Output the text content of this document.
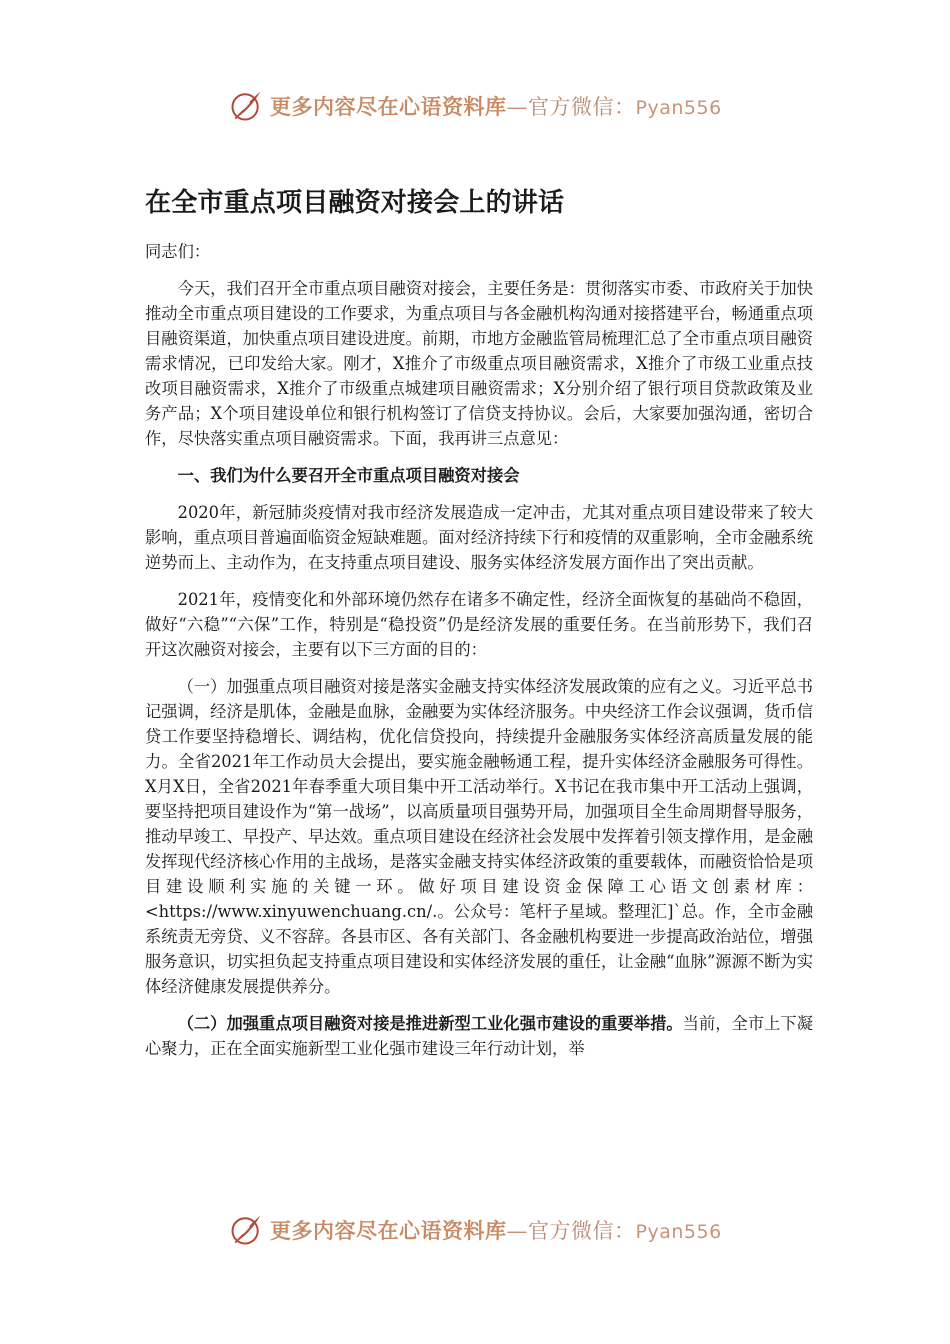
更多内容尽在心语资料库—官方微信：Pyan556
在全市重点项目融资对接会上的讲话

同志们：

今天，我们召开全市重点项目融资对接会，主要任务是：贯彻落实市委、市政府关于加快推动全市重点项目建设的工作要求，为重点项目与各金融机构沟通对接搭建平台，畅通重点项目融资渠道，加快重点项目建设进度。前期，市地方金融监管局梳理汇总了全市重点项目融资需求情况，已印发给大家。刚才，X推介了市级重点项目融资需求，X推介了市级工业重点技改项目融资需求，X推介了市级重点城建项目融资需求；X分别介绍了银行项目贷款政策及业务产品；X个项目建设单位和银行机构签订了信贷支持协议。会后，大家要加强沟通，密切合作，尽快落实重点项目融资需求。下面，我再讲三点意见：

一、我们为什么要召开全市重点项目融资对接会

2020年，新冠肺炎疫情对我市经济发展造成一定冲击，尤其对重点项目建设带来了较大影响，重点项目普遍面临资金短缺难题。面对经济持续下行和疫情的双重影响，全市金融系统逆势而上、主动作为，在支持重点项目建设、服务实体经济发展方面作出了突出贡献。

2021年，疫情变化和外部环境仍然存在诸多不确定性，经济全面恢复的基础尚不稳固，做好“六稳”“六保”工作，特别是“稳投资”仍是经济发展的重要任务。在当前形势下，我们召开这次融资对接会，主要有以下三方面的目的：

（一）加强重点项目融资对接是落实金融支持实体经济发展政策的应有之义。习近平总书记强调，经济是肌体，金融是血脉，金融要为实体经济服务。中央经济工作会议强调，货币信贷工作要坚持稳增长、调结构，优化信贷投向，持续提升金融服务实体经济高质量发展的能力。全省2021年工作动员大会提出，要实施金融畅通工程，提升实体经济金融服务可得性。X月X日，全省2021年春季重大项目集中开工活动举行。X书记在我市集中开工活动上强调，要坚持把项目建设作为“第一战场”，以高质量项目强势开局，加强项目全生命周期督导服务，推动早竣工、早投产、早达效。重点项目建设在经济社会发展中发挥着引领支撑作用，是金融发挥现代经济核心作用的主战场，是落实金融支持实体经济政策的重要载体，而融资恰恰是项目建设顺利实施的关键一环。做好项目建设资金保障工心语文创素材库：<https://www.xinyuwenchuang.cn/.。公众号：笔杆子星域。整理汇]`总。作，全市金融系统责无旁贷、义不容辞。各县市区、各有关部门、各金融机构要进一步提高政治站位，增强服务意识，切实担负起支持重点项目建设和实体经济发展的重任，让金融“血脉”源源不断为实体经济健康发展提供养分。

（二）加强重点项目融资对接是推进新型工业化强市建设的重要举措。当前，全市上下凝心聚力，正在全面实施新型工业化强市建设三年行动计划，举

更多内容尽在心语资料库—官方微信：Pyan556
